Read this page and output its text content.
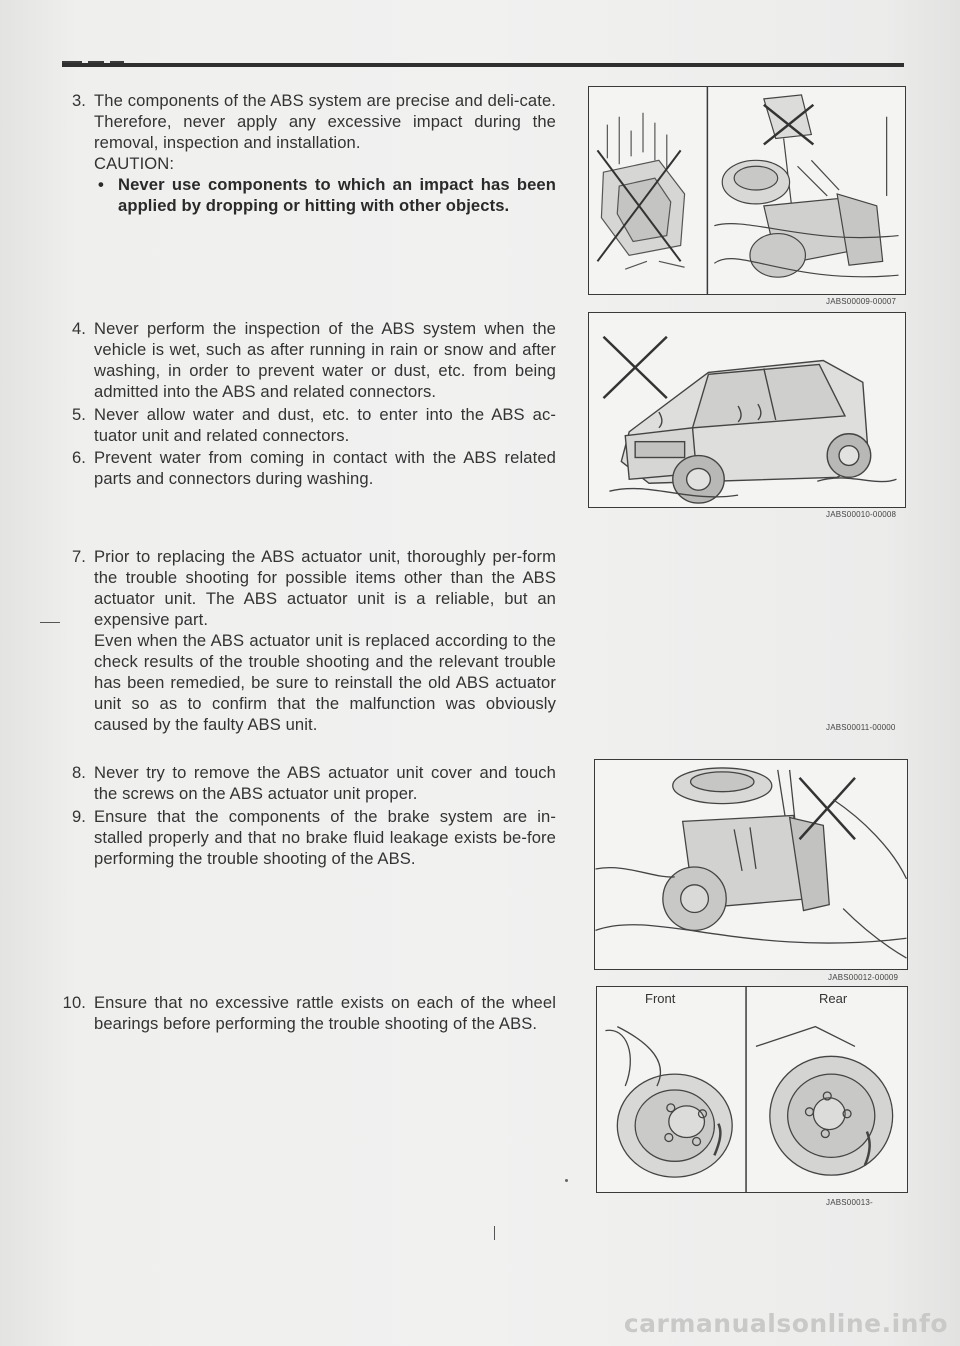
3. The components of the ABS system are precise and deli-cate. Therefore, never apply any excessive impact during the removal, inspection and installation.
CAUTION:
• Never use components to which an impact has been applied by dropping or hitting with other objects.
4. Never perform the inspection of the ABS system when the vehicle is wet, such as after running in rain or snow and after washing, in order to prevent water or dust, etc. from being admitted into the ABS and related connectors.
5. Never allow water and dust, etc. to enter into the ABS ac-tuator unit and related connectors.
6. Prevent water from coming in contact with the ABS related parts and connectors during washing.
7. Prior to replacing the ABS actuator unit, thoroughly per-form the trouble shooting for possible items other than the ABS actuator unit. The ABS actuator unit is a reliable, but an expensive part.
Even when the ABS actuator unit is replaced according to the check results of the trouble shooting and the relevant trouble has been remedied, be sure to reinstall the old ABS actuator unit so as to confirm that the malfunction was obviously caused by the faulty ABS unit.
8. Never try to remove the ABS actuator unit cover and touch the screws on the ABS actuator unit proper.
9. Ensure that the components of the brake system are in-stalled properly and that no brake fluid leakage exists be-fore performing the trouble shooting of the ABS.
10. Ensure that no excessive rattle exists on each of the wheel bearings before performing the trouble shooting of the ABS.
JABS00009-00007
JABS00010-00008
JABS00011-00000
JABS00012-00009
Front	Rear
JABS00013-
carmanualsonline.info
